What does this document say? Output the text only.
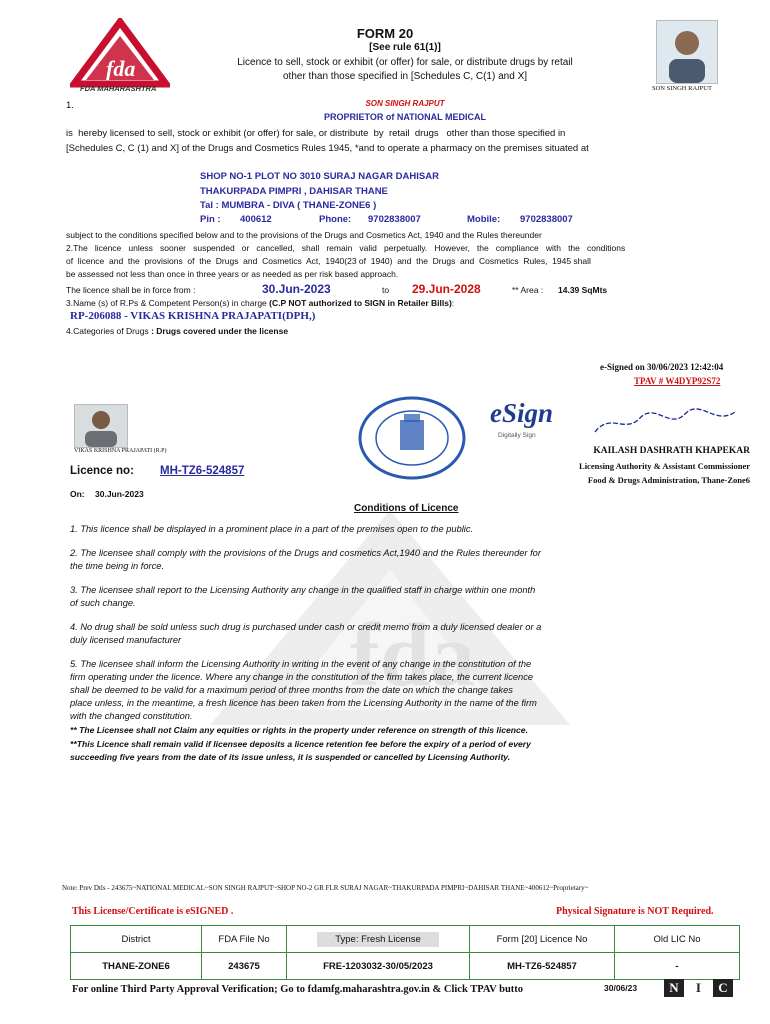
fda
fda
FDA MAHARASHTRA
FORM 20
[See rule 61(1)]
Licence to sell, stock or exhibit (or offer) for sale, or distribute drugs by retail
other than those specified in [Schedules C, C(1) and X]
SON SINGH RAJPUT
1.	SON SINGH RAJPUT
PROPRIETOR of NATIONAL MEDICAL
is  hereby licensed to sell, stock or exhibit (or offer) for sale, or distribute  by  retail  drugs   other than those specified in
[Schedules C, C (1) and X] of the Drugs and Cosmetics Rules 1945, *and to operate a pharmacy on the premises situated at
SHOP NO-1 PLOT NO 3010 SURAJ NAGAR DAHISAR
THAKURPADA PIMPRI , DAHISAR THANE
Tal : MUMBRA - DIVA ( THANE-ZONE6 )
Pin : 400612	Phone: 9702838007	Mobile: 9702838007
subject to the conditions specified below and to the provisions of the Drugs and Cosmetics Act, 1940 and the Rules thereunder
2.The   licence   unless   sooner   suspended   or   cancelled,   shall   remain   valid   perpetually.   However,   the   compliance   with   the   conditions
of  licence  and  the  provisions  of  the  Drugs  and  Cosmetics  Act,  1940(23 of  1940)  and  the  Drugs  and  Cosmetics  Rules,  1945 shall
be assessed not less than once in three years or as needed as per risk based approach.
The licence shall be in force from :	30.Jun-2023	to 29.Jun-2028	** Area : 14.39 SqMts
3.Name (s) of R.Ps & Competent Person(s) in charge (C.P NOT authorized to SIGN in Retailer Bills):
RP-206088 - VIKAS KRISHNA PRAJAPATI(DPH,)
4.Categories of Drugs : Drugs covered under the license
e-Signed on 30/06/2023 12:42:04
TPAV # W4DYP92S72
VIKAS KRISHNA PRAJAPATI (R.P)
eSign
Digitally Sign
KAILASH DASHRATH KHAPEKAR
Licensing Authority & Assistant Commissioner
Food & Drugs Administration, Thane-Zone6
Licence no: MH-TZ6-524857
On: 30.Jun-2023
Conditions of Licence

1. This licence shall be displayed in a prominent place in a part of the premises open to the public.

2. The licensee shall comply with the provisions of the Drugs and cosmetics Act,1940 and the Rules thereunder for

the time being in force.

3. The licensee shall report to the Licensing Authority any change in the qualified staff in charge within one month

of such change.

4. No drug shall be sold unless such drug is purchased under cash or credit memo from a duly licensed dealer or a

duly licensed manufacturer

5. The licensee shall inform the Licensing Authority in writing in the event of any change in the constitution of the

firm operating under the licence. Where any change in the constitution of the firm takes place, the current licence

shall be deemed to be valid for a maximum period of three months from the date on which the change takes

place unless, in the meantime, a fresh licence has been taken from the Licensing Authority in the name of the firm

with the changed constitution.

** The Licensee shall not Claim any equities or rights in the property under reference on strength of this licence.
**This Licence shall remain valid if licensee deposits a licence retention fee before the expiry of a period of every
succeeding five years from the date of its issue unless, it is suspended or cancelled by Licensing Authority.
Note: Prev Dtls - 243675~NATIONAL MEDICAL~SON SINGH RAJPUT~SHOP NO-2 GR FLR SURAJ NAGAR~THAKURPADA PIMPRI~DAHISAR THANE~400612~Proprietary~
This License/Certificate is eSIGNED .	Physical Signature is NOT Required.
District	FDA File No	Type: Fresh License	Form [20] Licence No	Old LIC No
THANE-ZONE6	243675	FRE-1203032-30/05/2023	MH-TZ6-524857	-
For online Third Party Approval Verification; Go to fdamfg.maharashtra.gov.in & Click TPAV butto	30/06/23	N I C
